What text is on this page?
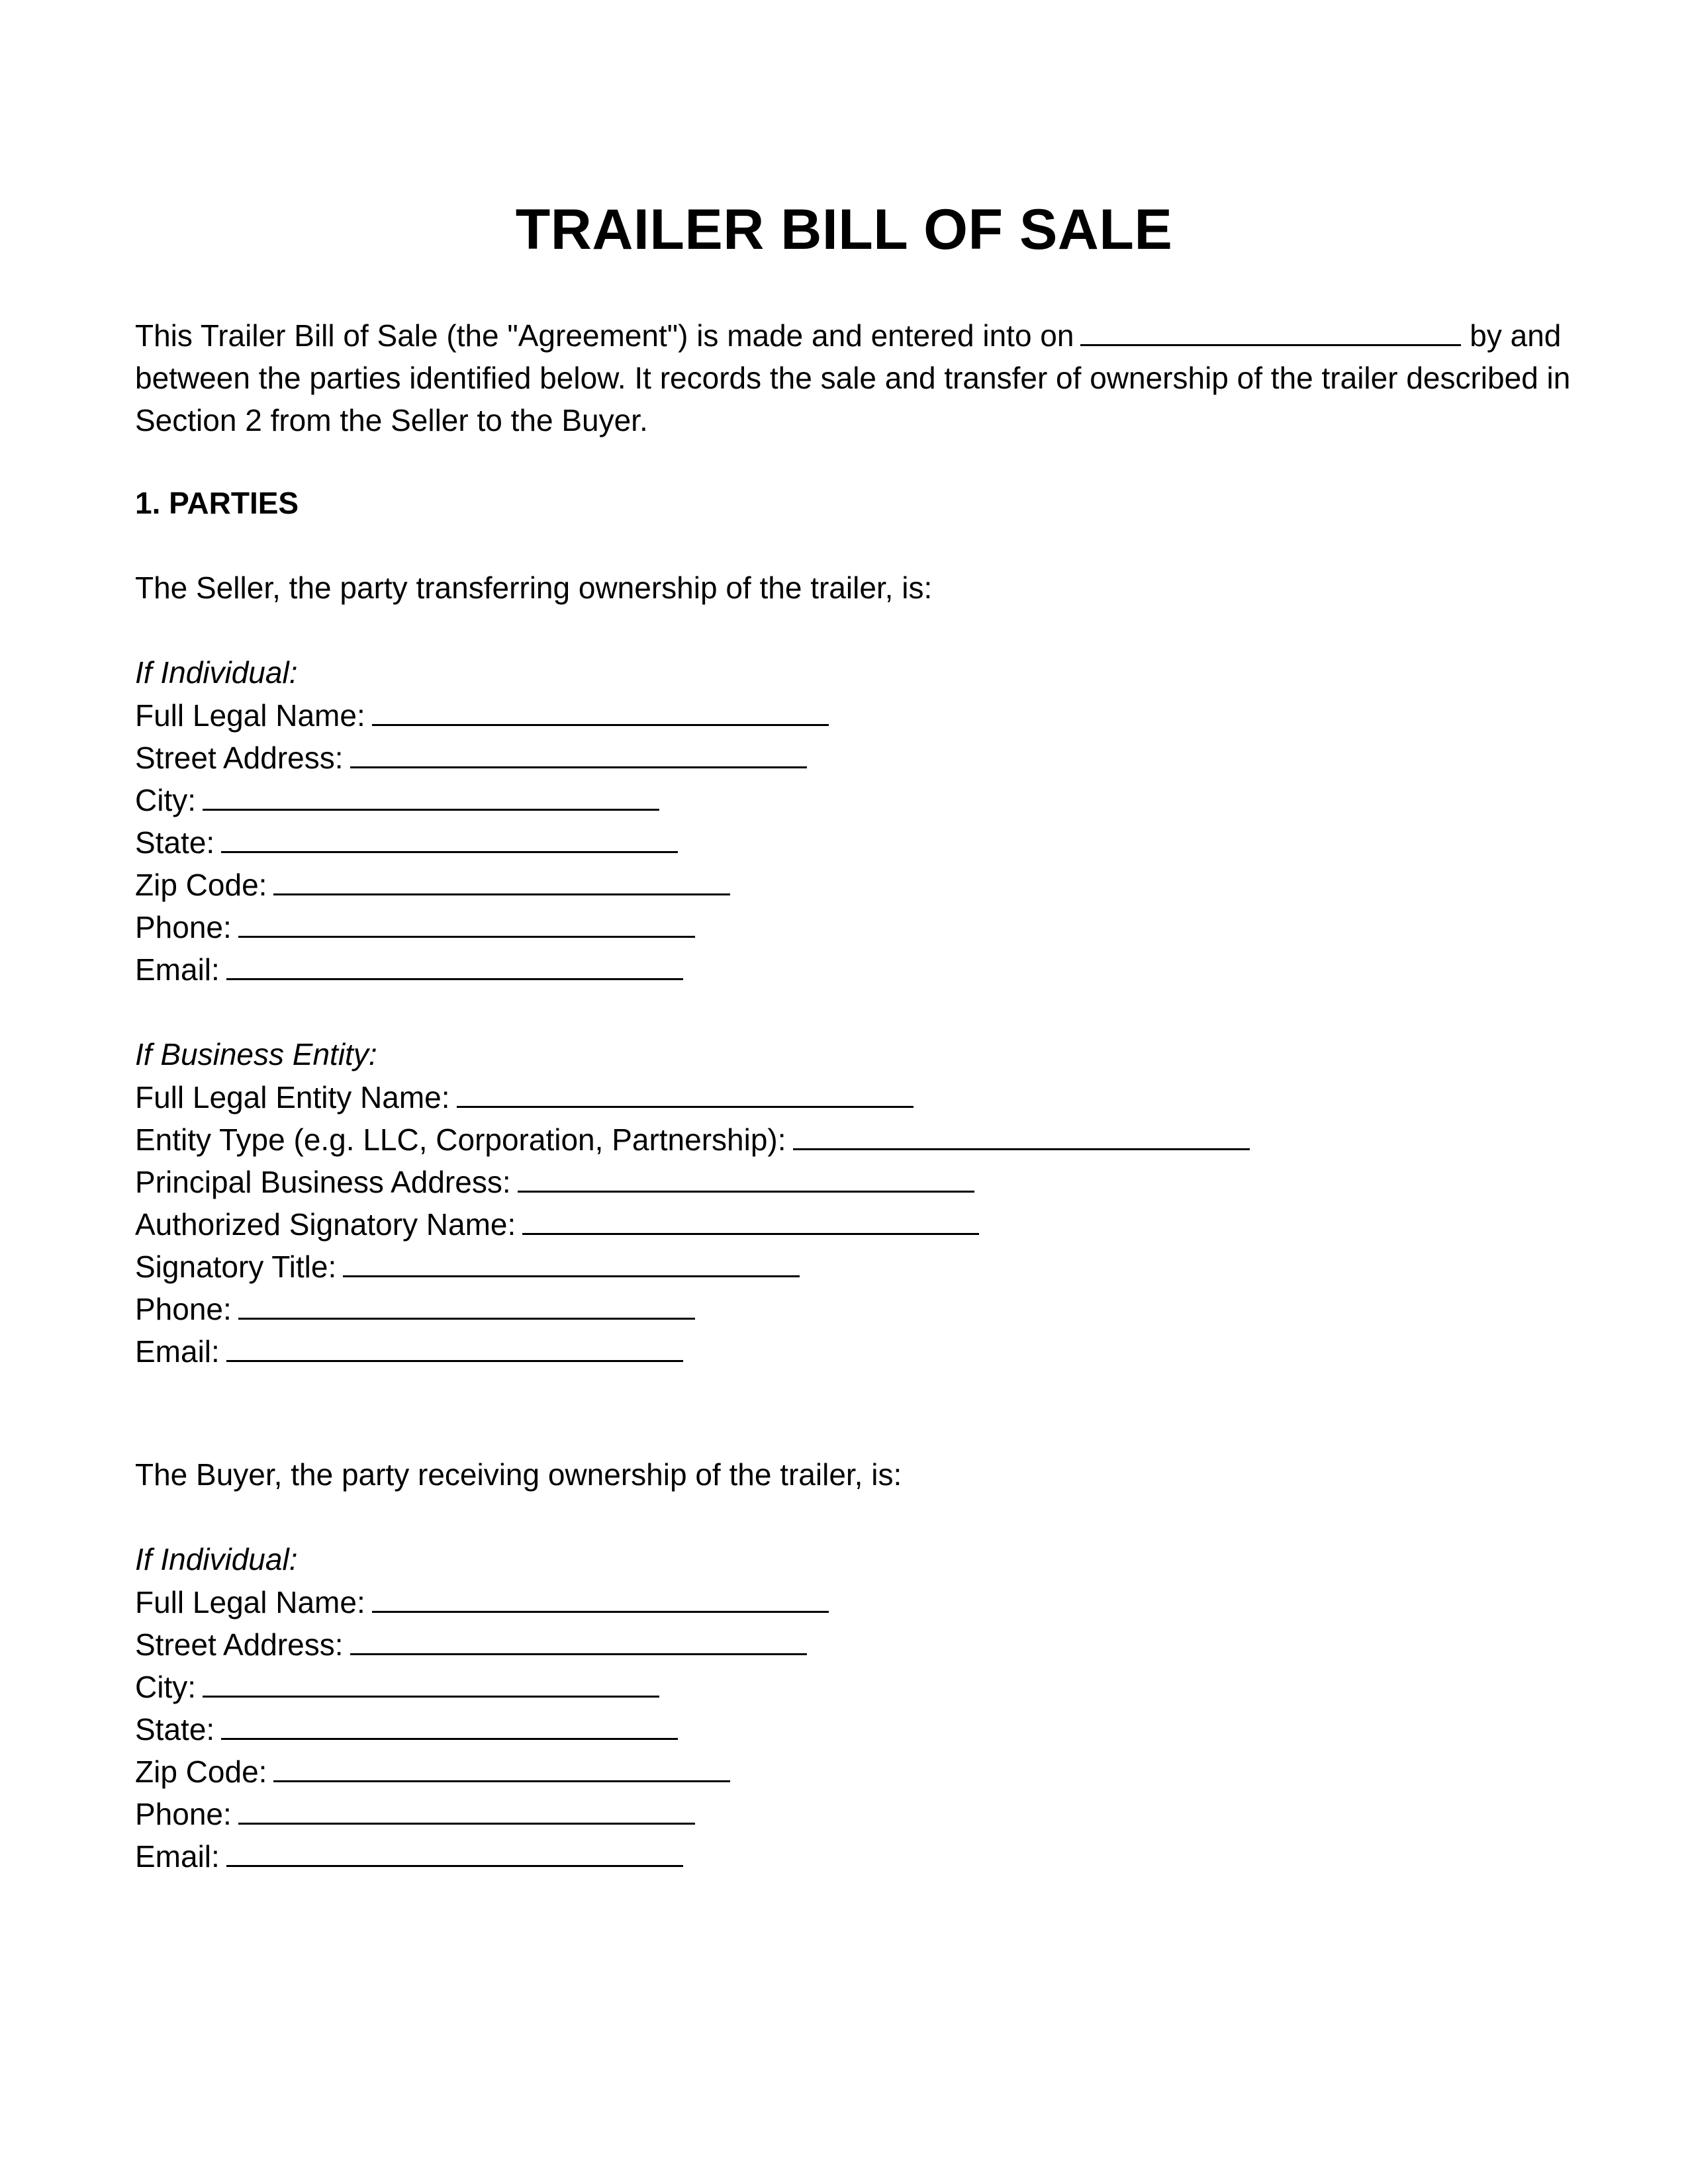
TRAILER BILL OF SALE
This Trailer Bill of Sale (the "Agreement") is made and entered into on	by and between the parties identified below. It records the sale and transfer of ownership of the trailer described in Section 2 from the Seller to the Buyer.
1. PARTIES
The Seller, the party transferring ownership of the trailer, is:
If Individual:
Full Legal Name:
Street Address:
City:
State:
Zip Code:
Phone:
Email:
If Business Entity:
Full Legal Entity Name:
Entity Type (e.g. LLC, Corporation, Partnership):
Principal Business Address:
Authorized Signatory Name:
Signatory Title:
Phone:
Email:
The Buyer, the party receiving ownership of the trailer, is:
If Individual:
Full Legal Name:
Street Address:
City:
State:
Zip Code:
Phone:
Email:
